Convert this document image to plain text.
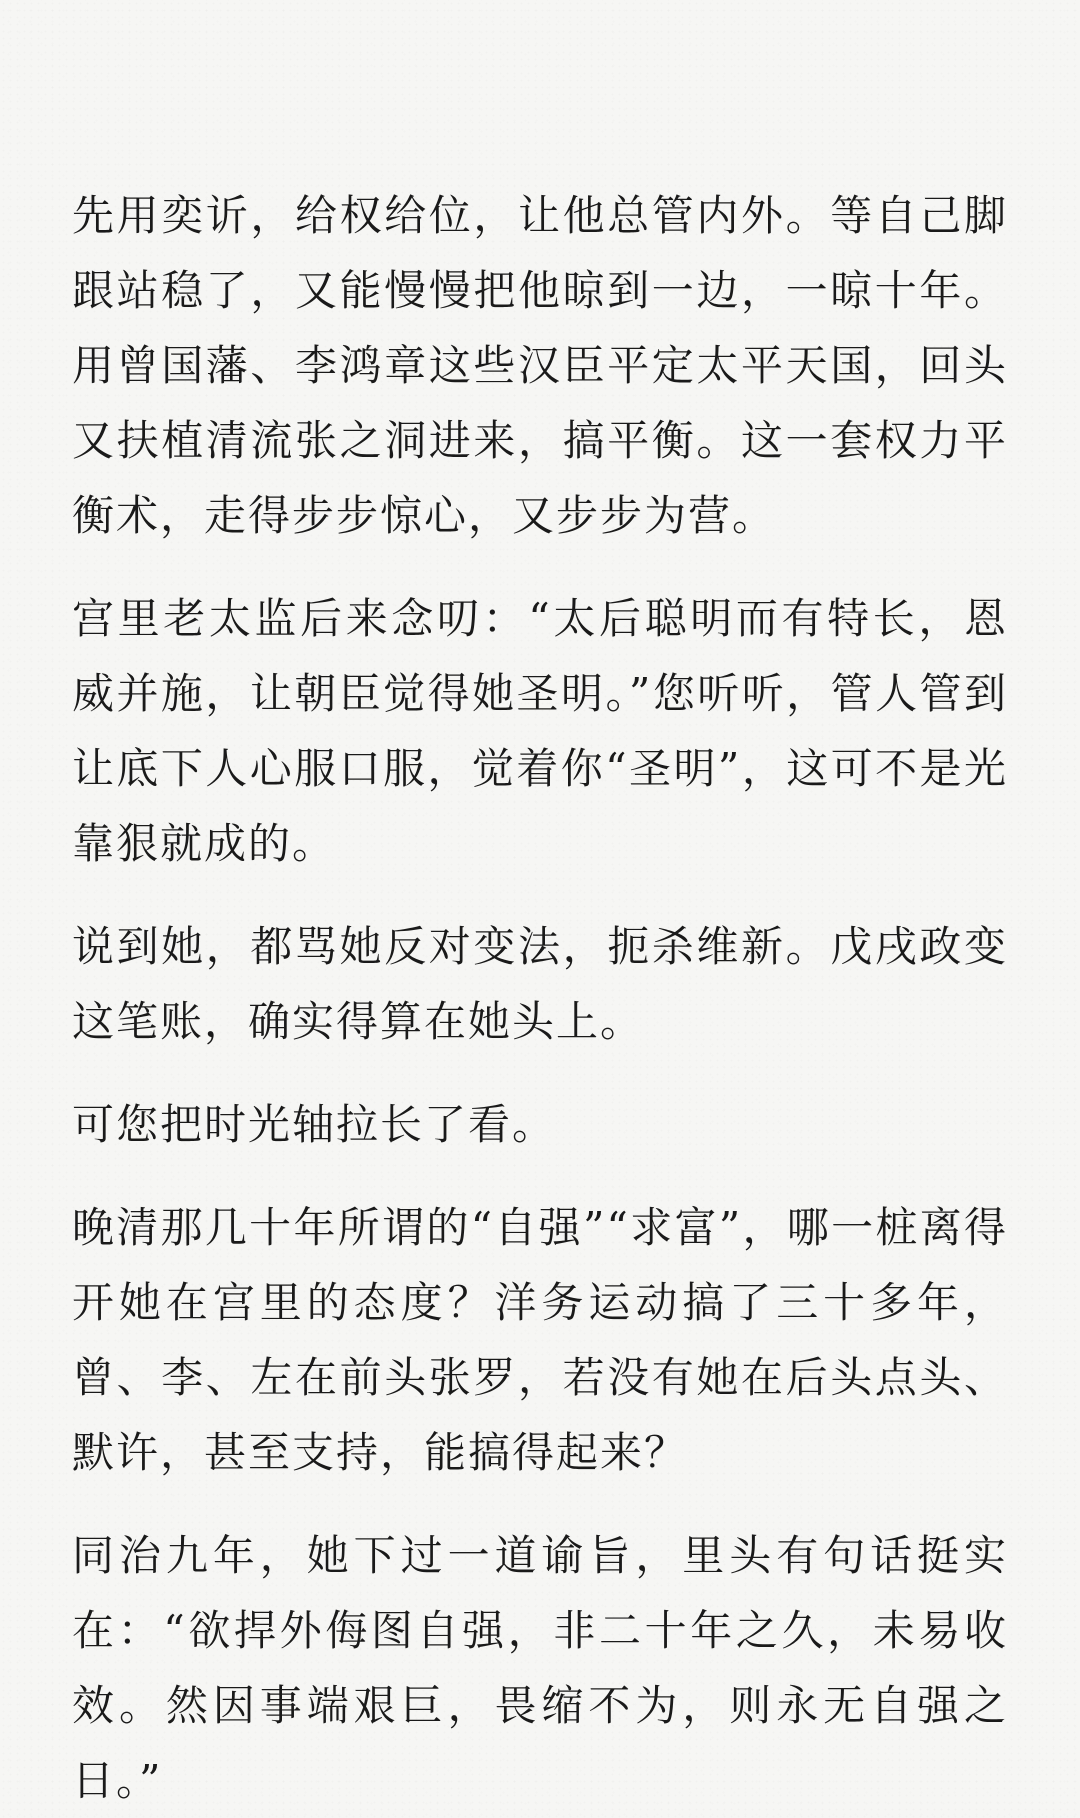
先用奕䜣，给权给位，让他总管内外。等自己脚跟站稳了，又能慢慢把他晾到一边，一晾十年。用曾国藩、李鸿章这些汉臣平定太平天国，回头又扶植清流张之洞进来，搞平衡。这一套权力平衡术，走得步步惊心，又步步为营。

宫里老太监后来念叨：“太后聪明而有特长，恩威并施，让朝臣觉得她圣明。”您听听，管人管到让底下人心服口服，觉着你“圣明”，这可不是光靠狠就成的。

说到她，都骂她反对变法，扼杀维新。戊戌政变这笔账，确实得算在她头上。

可您把时光轴拉长了看。

晚清那几十年所谓的“自强”“求富”，哪一桩离得开她在宫里的态度？洋务运动搞了三十多年，曾、李、左在前头张罗，若没有她在后头点头、默许，甚至支持，能搞得起来？

同治九年，她下过一道谕旨，里头有句话挺实在：“欲捍外侮图自强，非二十年之久，未易收效。然因事端艰巨，畏缩不为，则永无自强之日。”
